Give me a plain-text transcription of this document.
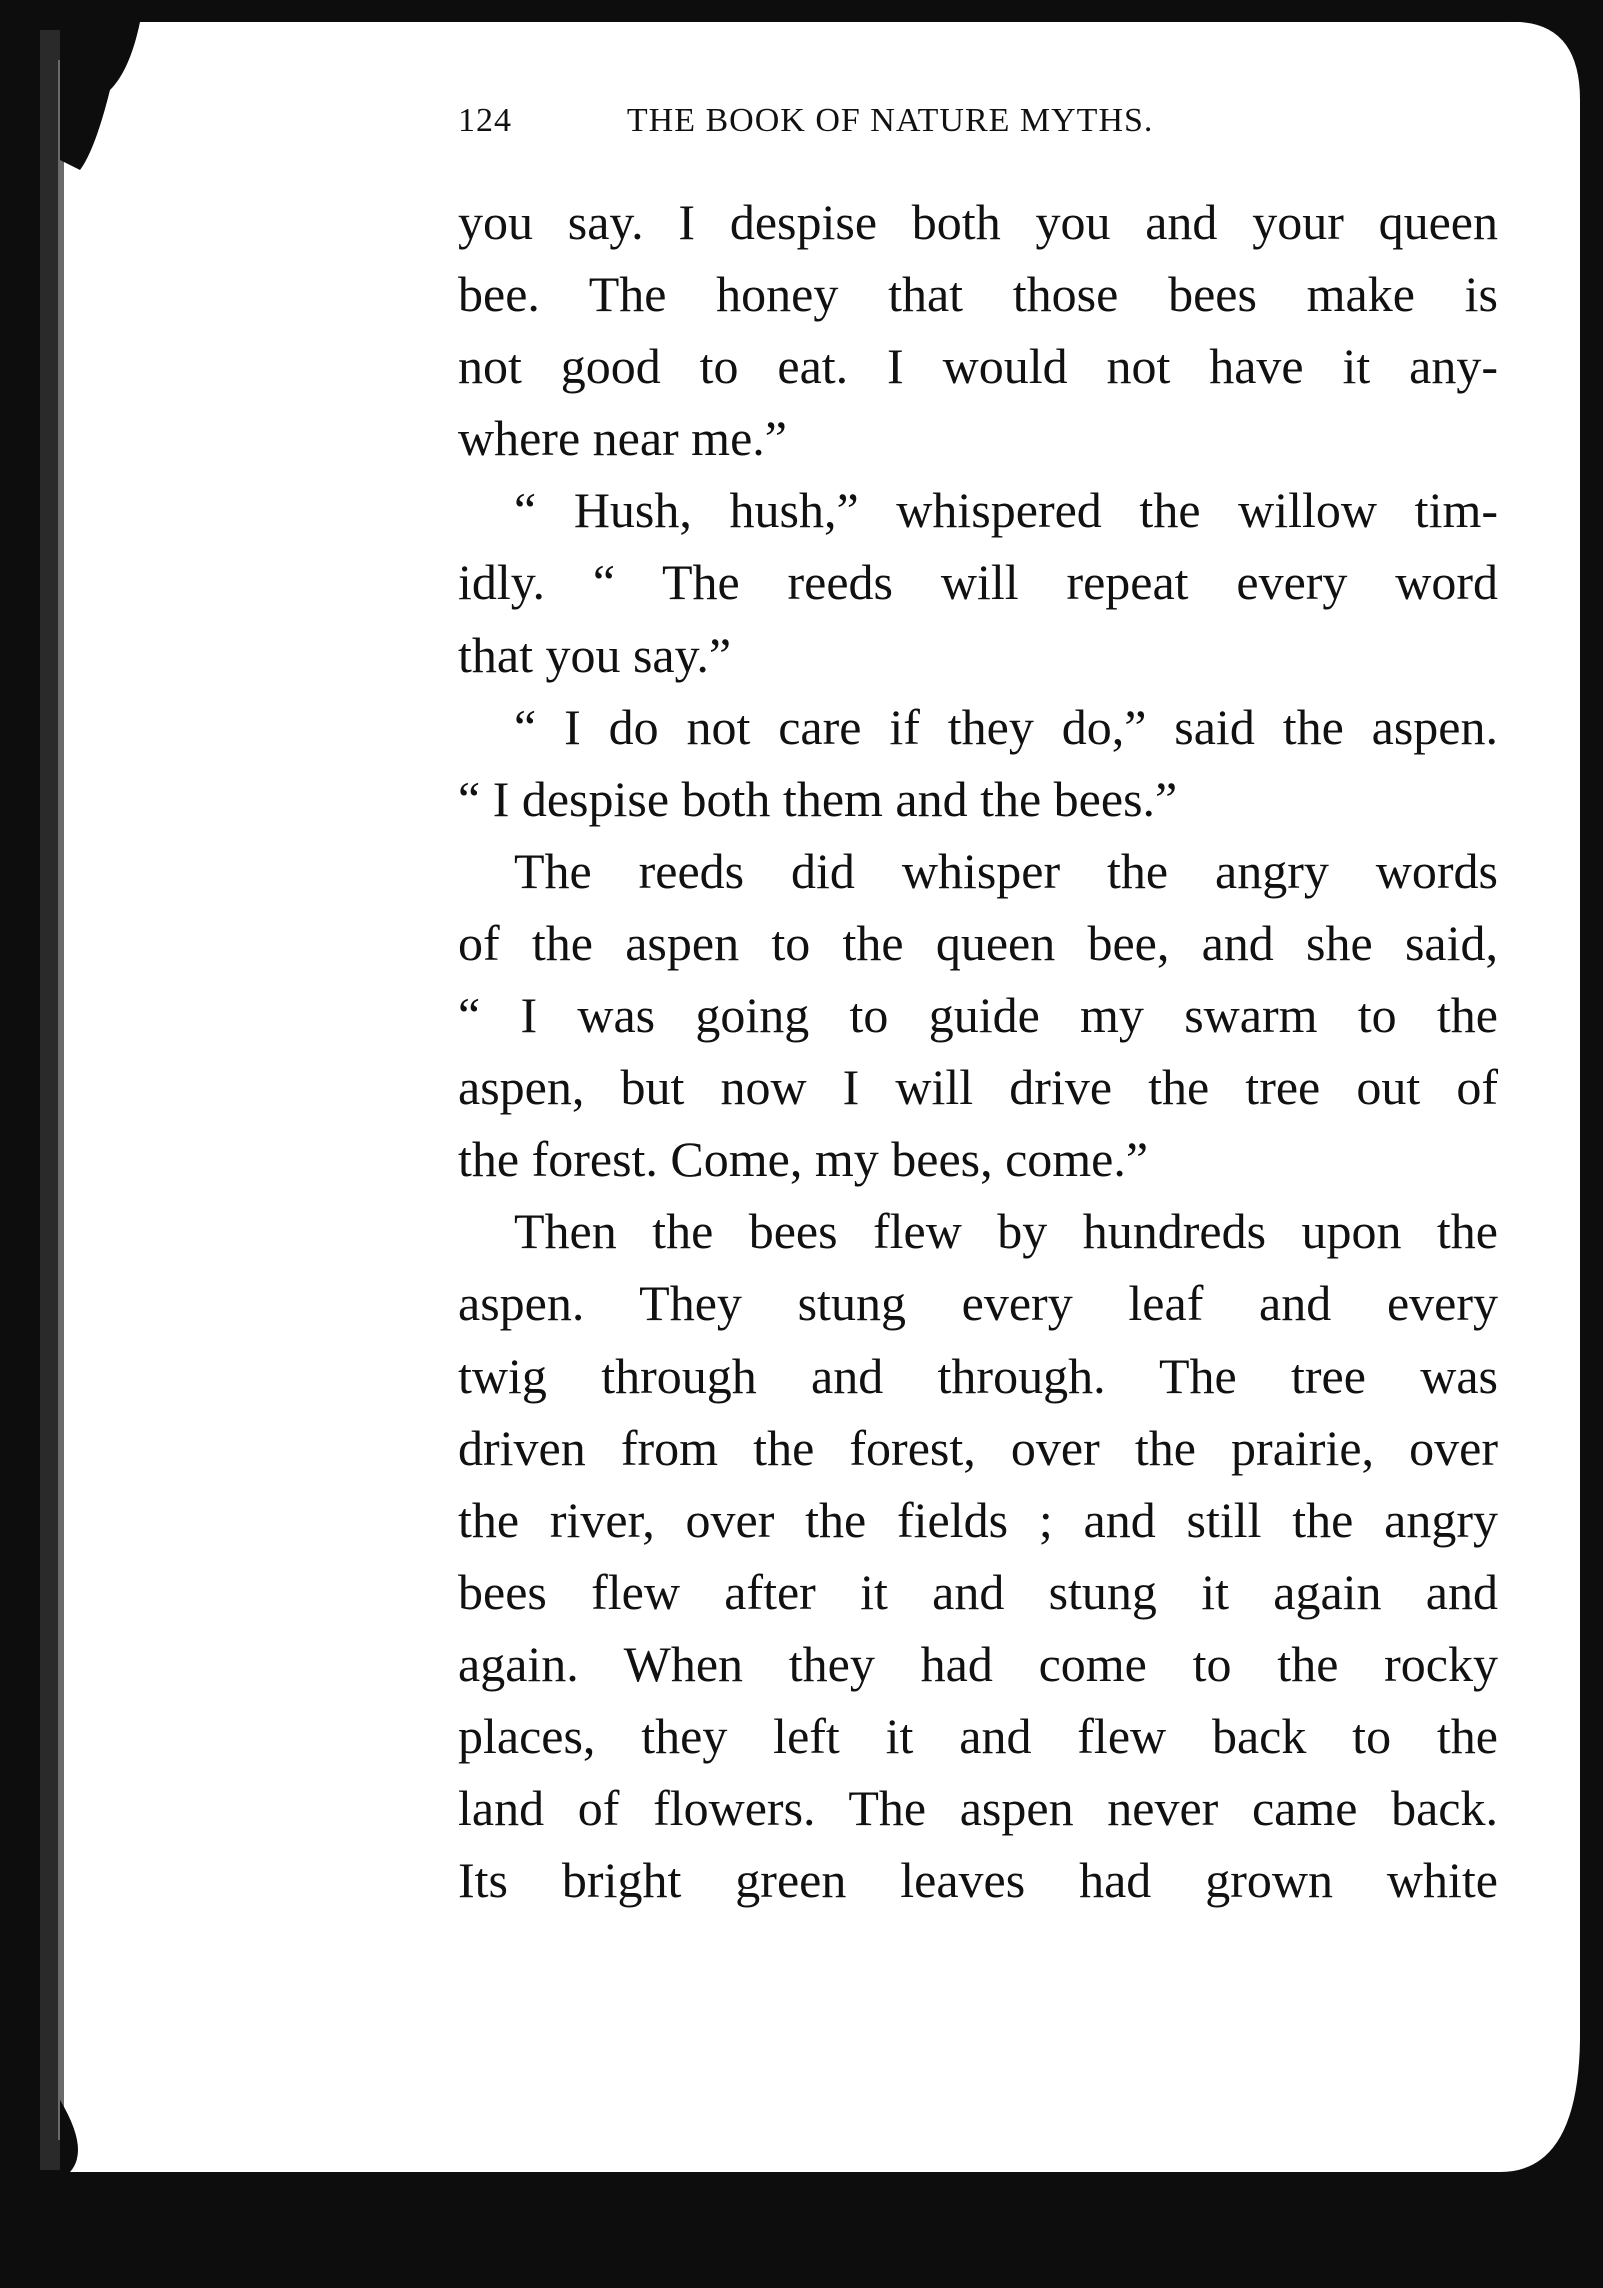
124	THE BOOK OF NATURE MYTHS.
you say. I despise both you and your queen
bee. The honey that those bees make is
not good to eat. I would not have it any-
where near me.”
“ Hush, hush,” whispered the willow tim-
idly. “ The reeds will repeat every word
that you say.”
“ I do not care if they do,” said the aspen.
“ I despise both them and the bees.”
The reeds did whisper the angry words
of the aspen to the queen bee, and she said,
“ I was going to guide my swarm to the
aspen, but now I will drive the tree out of
the forest. Come, my bees, come.”
Then the bees flew by hundreds upon the
aspen. They stung every leaf and every
twig through and through. The tree was
driven from the forest, over the prairie, over
the river, over the fields ; and still the angry
bees flew after it and stung it again and
again. When they had come to the rocky
places, they left it and flew back to the
land of flowers. The aspen never came back.
Its bright green leaves had grown white
